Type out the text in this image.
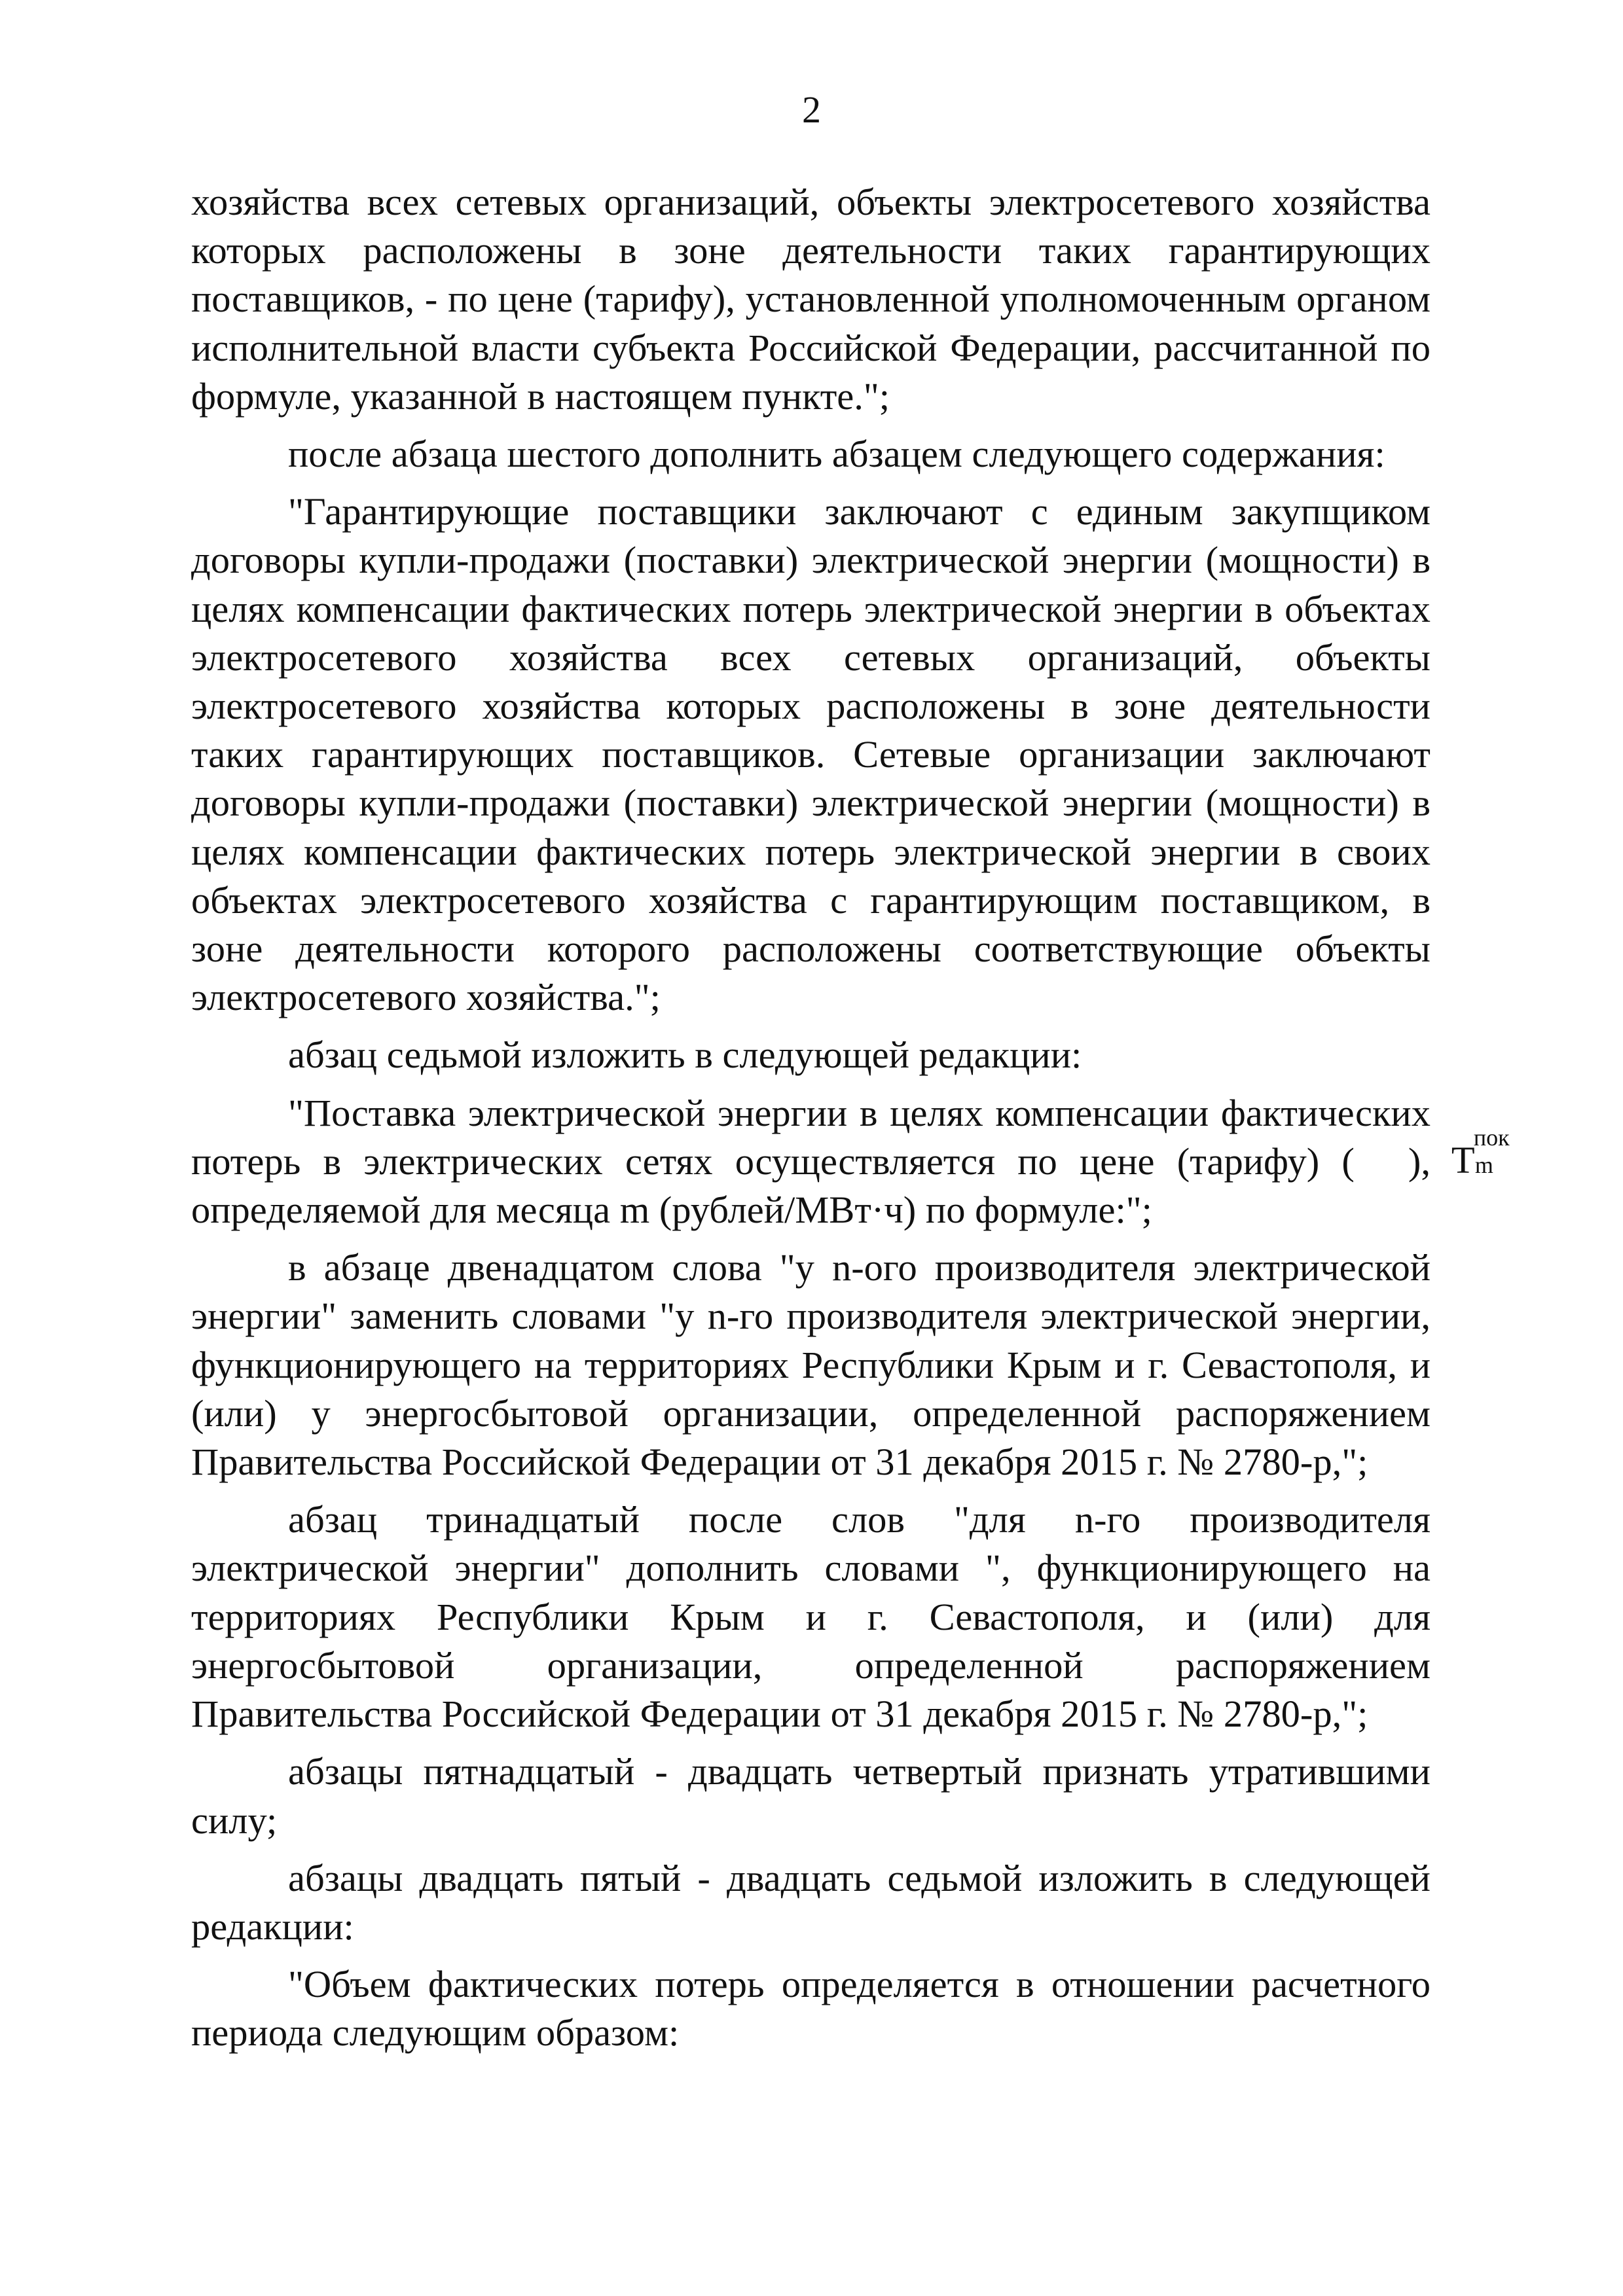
2

хозяйства всех сетевых организаций, объекты электросетевого хозяйства которых расположены в зоне деятельности таких гарантирующих поставщиков, - по цене (тарифу), установленной уполномоченным органом исполнительной власти субъекта Российской Федерации, рассчитанной по формуле, указанной в настоящем пункте.";

после абзаца шестого дополнить абзацем следующего содержания:

"Гарантирующие поставщики заключают с единым закупщиком договоры купли-продажи (поставки) электрической энергии (мощности) в целях компенсации фактических потерь электрической энергии в объектах электросетевого хозяйства всех сетевых организаций, объекты электросетевого хозяйства которых расположены в зоне деятельности таких гарантирующих поставщиков. Сетевые организации заключают договоры купли-продажи (поставки) электрической энергии (мощности) в целях компенсации фактических потерь электрической энергии в своих объектах электросетевого хозяйства с гарантирующим поставщиком, в зоне деятельности которого расположены соответствующие объекты электросетевого хозяйства.";

абзац седьмой изложить в следующей редакции:

"Поставка электрической энергии в целях компенсации фактических потерь в электрических сетях осуществляется по цене (тарифу) (	T
пок
m
), определяемой для месяца m (рублей/МВт·ч) по формуле:";

в абзаце двенадцатом слова "у n-ого производителя электрической энергии" заменить словами "у n-го производителя электрической энергии, функционирующего на территориях Республики Крым и г. Севастополя, и (или) у энергосбытовой организации, определенной распоряжением Правительства Российской Федерации от 31 декабря 2015 г. № 2780-р,";

абзац тринадцатый после слов "для n-го производителя электрической энергии" дополнить словами ", функционирующего на территориях Республики Крым и г. Севастополя, и (или) для энергосбытовой организации, определенной распоряжением Правительства Российской Федерации от 31 декабря 2015 г. № 2780-р,";

абзацы пятнадцатый - двадцать четвертый признать утратившими силу;

абзацы двадцать пятый - двадцать седьмой изложить в следующей редакции:

"Объем фактических потерь определяется в отношении расчетного периода следующим образом:
